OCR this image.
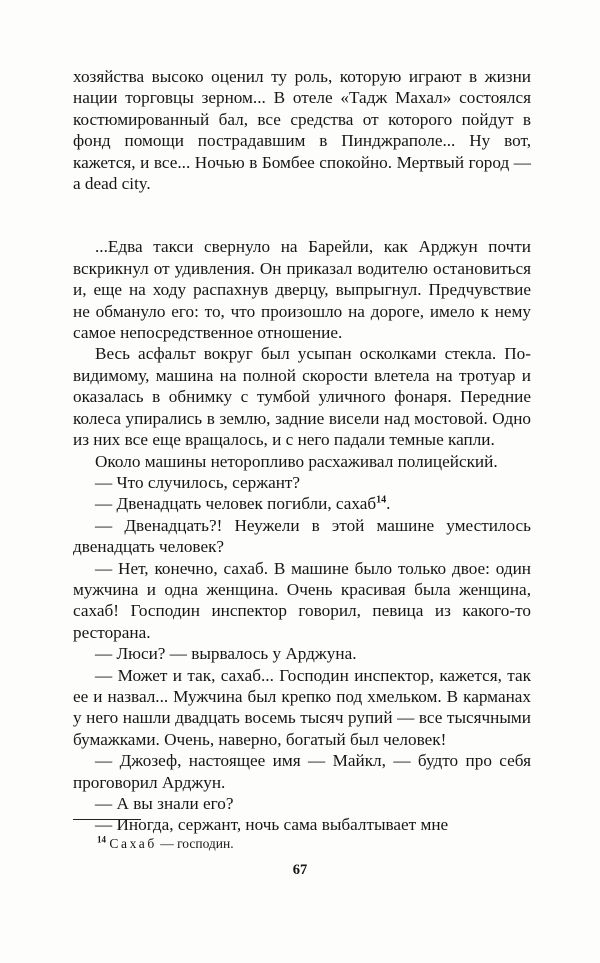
хозяйства высоко оценил ту роль, которую играют в жизни нации торговцы зерном... В отеле «Тадж Махал» состоялся костюмированный бал, все средства от которого пойдут в фонд помощи пострадавшим в Пинджраполе... Ну вот, кажется, и все... Ночью в Бомбее спокойно. Мертвый город — a dead city.

...Едва такси свернуло на Барейли, как Арджун почти вскрикнул от удивления. Он приказал водителю остановиться и, еще на ходу распахнув дверцу, выпрыгнул. Предчувствие не обмануло его: то, что произошло на дороге, имело к нему самое непосредственное отношение.

Весь асфальт вокруг был усыпан осколками стекла. По-видимому, машина на полной скорости влетела на тротуар и оказалась в обнимку с тумбой уличного фонаря. Передние колеса упирались в землю, задние висели над мостовой. Одно из них все еще вращалось, и с него падали темные капли.

Около машины неторопливо расхаживал полицейский.

— Что случилось, сержант?

— Двенадцать человек погибли, сахаб$^{14}$.

— Двенадцать?! Неужели в этой машине уместилось двенадцать человек?

— Нет, конечно, сахаб. В машине было только двое: один мужчина и одна женщина. Очень красивая была женщина, сахаб! Господин инспектор говорил, певица из какого-то ресторана.

— Люси? — вырвалось у Арджуна.

— Может и так, сахаб... Господин инспектор, кажется, так ее и назвал... Мужчина был крепко под хмельком. В карманах у него нашли двадцать восемь тысяч рупий — все тысячными бумажками. Очень, наверно, богатый был человек!

— Джозеф, настоящее имя — Майкл, — будто про себя проговорил Арджун.

— А вы знали его?

— Иногда, сержант, ночь сама выбалтывает мне

$^{14}$ Сахаб — господин.
67
